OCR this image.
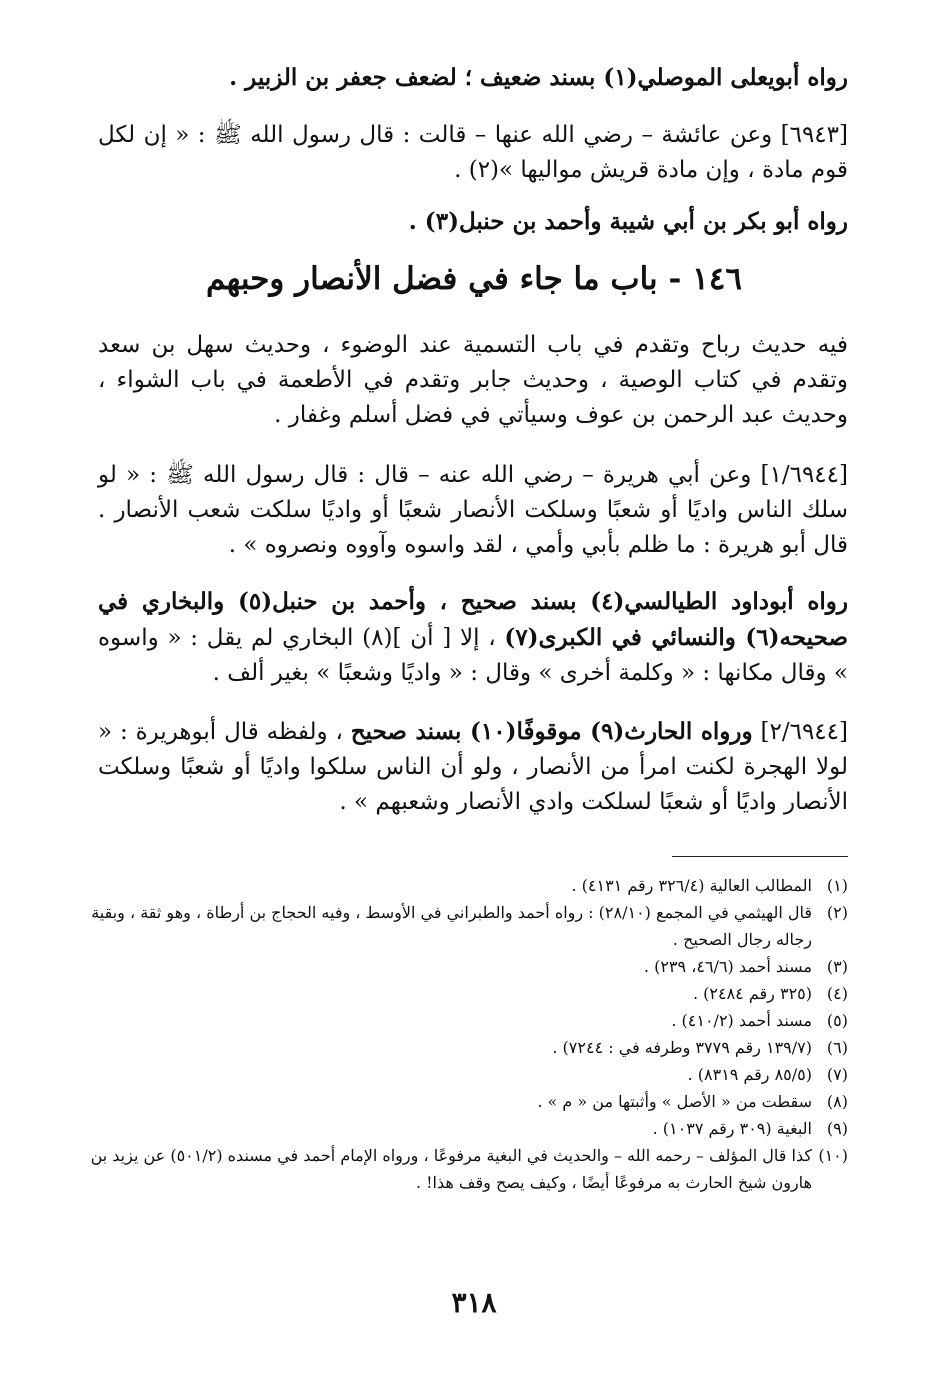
رواه أبويعلى الموصلي(١) بسند ضعيف ؛ لضعف جعفر بن الزبير .
[٦٩٤٣] وعن عائشة – رضي الله عنها – قالت : قال رسول الله ﷺ : « إن لكل قوم مادة ، وإن مادة قريش مواليها »(٢) .
رواه أبو بكر بن أبي شيبة وأحمد بن حنبل(٣) .
١٤٦ - باب ما جاء في فضل الأنصار وحبهم
فيه حديث رباح وتقدم في باب التسمية عند الوضوء ، وحديث سهل بن سعد وتقدم في كتاب الوصية ، وحديث جابر وتقدم في الأطعمة في باب الشواء ، وحديث عبد الرحمن بن عوف وسيأتي في فضل أسلم وغفار .
[١/٦٩٤٤] وعن أبي هريرة – رضي الله عنه – قال : قال رسول الله ﷺ : « لو سلك الناس واديًا أو شعبًا وسلكت الأنصار شعبًا أو واديًا سلكت شعب الأنصار . قال أبو هريرة : ما ظلم بأبي وأمي ، لقد واسوه وآووه ونصروه » .
رواه أبوداود الطيالسي(٤) بسند صحيح ، وأحمد بن حنبل(٥) والبخاري في صحيحه(٦) والنسائي في الكبرى(٧) ، إلا [ أن ](٨) البخاري لم يقل : « واسوه » وقال مكانها : « وكلمة أخرى » وقال : « واديًا وشعبًا » بغير ألف .
[٢/٦٩٤٤] ورواه الحارث(٩) موقوفًا(١٠) بسند صحيح ، ولفظه قال أبوهريرة : « لولا الهجرة لكنت امرأ من الأنصار ، ولو أن الناس سلكوا واديًا أو شعبًا وسلكت الأنصار واديًا أو شعبًا لسلكت وادي الأنصار وشعبهم » .
(١)
المطالب العالية (٣٢٦/٤ رقم ٤١٣١) .
(٢)
قال الهيثمي في المجمع (٢٨/١٠) : رواه أحمد والطبراني في الأوسط ، وفيه الحجاج بن أرطاة ، وهو ثقة ، وبقية رجاله رجال الصحيح .
(٣)
مسند أحمد (٤٦/٦، ٢٣٩) .
(٤)
(٣٢٥ رقم ٢٤٨٤) .
(٥)
مسند أحمد (٤١٠/٢) .
(٦)
(١٣٩/٧ رقم ٣٧٧٩ وطرفه في : ٧٢٤٤) .
(٧)
(٨٥/٥ رقم ٨٣١٩) .
(٨)
سقطت من « الأصل » وأثبتها من « م » .
(٩)
البغية (٣٠٩ رقم ١٠٣٧) .
(١٠)
كذا قال المؤلف – رحمه الله – والحديث في البغية مرفوعًا ، ورواه الإمام أحمد في مسنده (٥٠١/٢) عن يزيد بن هارون شيخ الحارث به مرفوعًا أيضًا ، وكيف يصح وقف هذا! .
٣١٨
